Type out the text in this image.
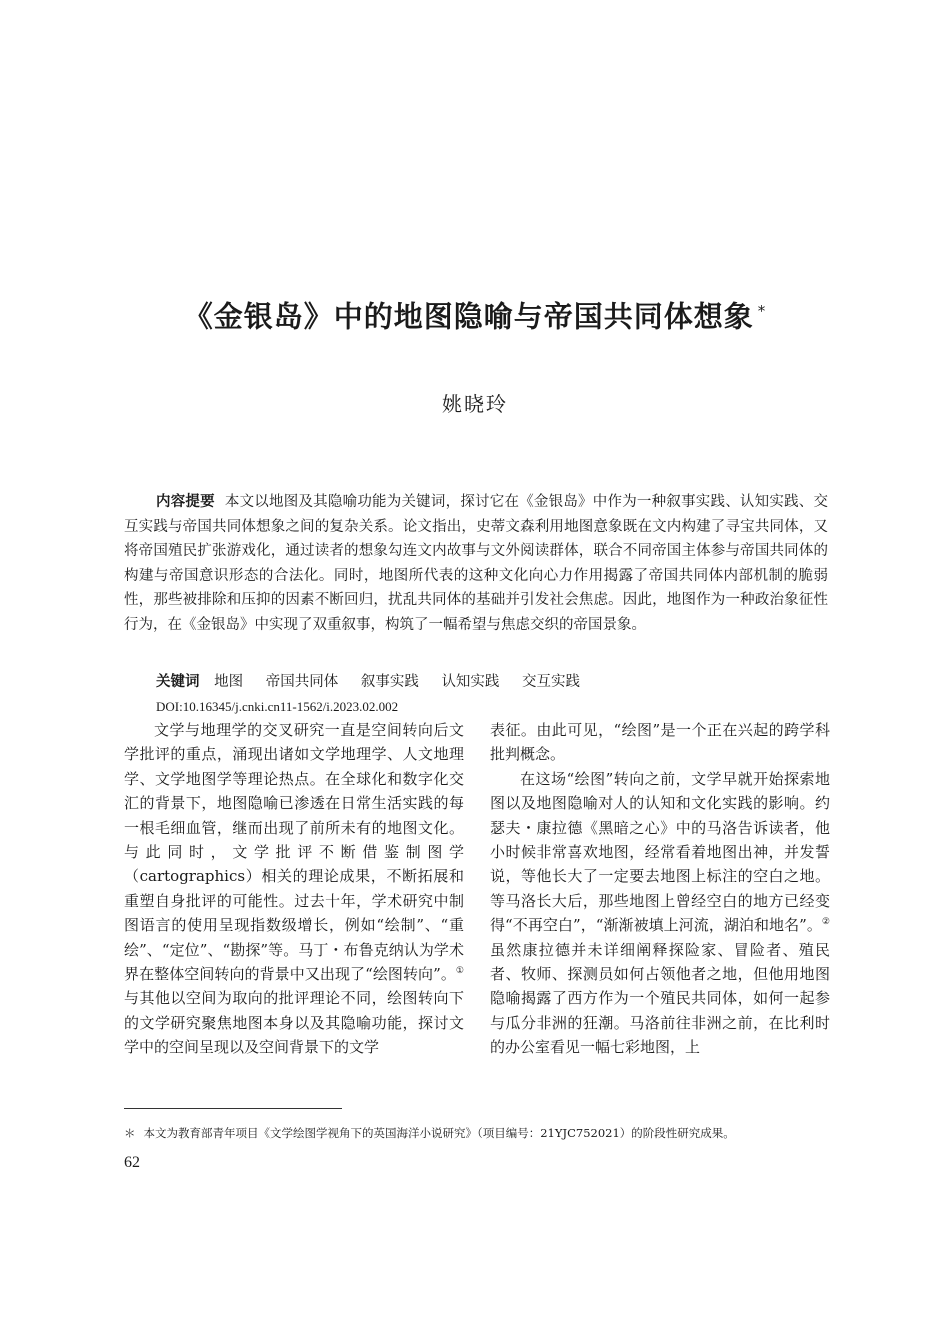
《金银岛》中的地图隐喻与帝国共同体想象 *
姚晓玲

内容提要 本文以地图及其隐喻功能为关键词，探讨它在《金银岛》中作为一种叙事实践、认知实践、交互实践与帝国共同体想象之间的复杂关系。论文指出，史蒂文森利用地图意象既在文内构建了寻宝共同体，又将帝国殖民扩张游戏化，通过读者的想象勾连文内故事与文外阅读群体，联合不同帝国主体参与帝国共同体的构建与帝国意识形态的合法化。同时，地图所代表的这种文化向心力作用揭露了帝国共同体内部机制的脆弱性，那些被排除和压抑的因素不断回归，扰乱共同体的基础并引发社会焦虑。因此，地图作为一种政治象征性行为，在《金银岛》中实现了双重叙事，构筑了一幅希望与焦虑交织的帝国景象。

关键词 地图 帝国共同体 叙事实践 认知实践 交互实践
DOI:10.16345/j.cnki.cn11-1562/i.2023.02.002

文学与地理学的交叉研究一直是空间转向后文学批评的重点，涌现出诸如文学地理学、人文地理学、文学地图学等理论热点。在全球化和数字化交汇的背景下，地图隐喻已渗透在日常生活实践的每一根毛细血管，继而出现了前所未有的地图文化。与此同时，文学批评不断借鉴制图学（cartographics）相关的理论成果，不断拓展和重塑自身批评的可能性。过去十年，学术研究中制图语言的使用呈现指数级增长，例如“绘制”、“重绘”、“定位”、“勘探”等。马丁・布鲁克纳认为学术界在整体空间转向的背景中又出现了“绘图转向”。①与其他以空间为取向的批评理论不同，绘图转向下的文学研究聚焦地图本身以及其隐喻功能，探讨文学中的空间呈现以及空间背景下的文学

表征。由此可见，“绘图”是一个正在兴起的跨学科批判概念。

在这场“绘图”转向之前，文学早就开始探索地图以及地图隐喻对人的认知和文化实践的影响。约瑟夫・康拉德《黑暗之心》中的马洛告诉读者，他小时候非常喜欢地图，经常看着地图出神，并发誓说，等他长大了一定要去地图上标注的空白之地。等马洛长大后，那些地图上曾经空白的地方已经变得“不再空白”，“渐渐被填上河流，湖泊和地名”。②虽然康拉德并未详细阐释探险家、冒险者、殖民者、牧师、探测员如何占领他者之地，但他用地图隐喻揭露了西方作为一个殖民共同体，如何一起参与瓜分非洲的狂潮。马洛前往非洲之前，在比利时的办公室看见一幅七彩地图，上

＊ 本文为教育部青年项目《文学绘图学视角下的英国海洋小说研究》（项目编号：21YJC752021）的阶段性研究成果。
62
